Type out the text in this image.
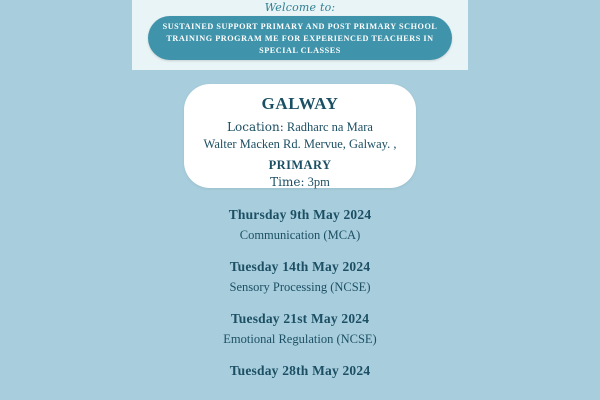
Welcome to:
SUSTAINED SUPPORT PRIMARY AND POST PRIMARY SCHOOL TRAINING PROGRAM ME FOR EXPERIENCED TEACHERS IN SPECIAL CLASSES
GALWAY
Location: Radharc na Mara
Walter Macken Rd. Mervue, Galway. ,
PRIMARY
Time: 3pm
Thursday 9th May 2024
Communication (MCA)
Tuesday 14th May 2024
Sensory Processing (NCSE)
Tuesday 21st May 2024
Emotional Regulation (NCSE)
Tuesday 28th May 2024
